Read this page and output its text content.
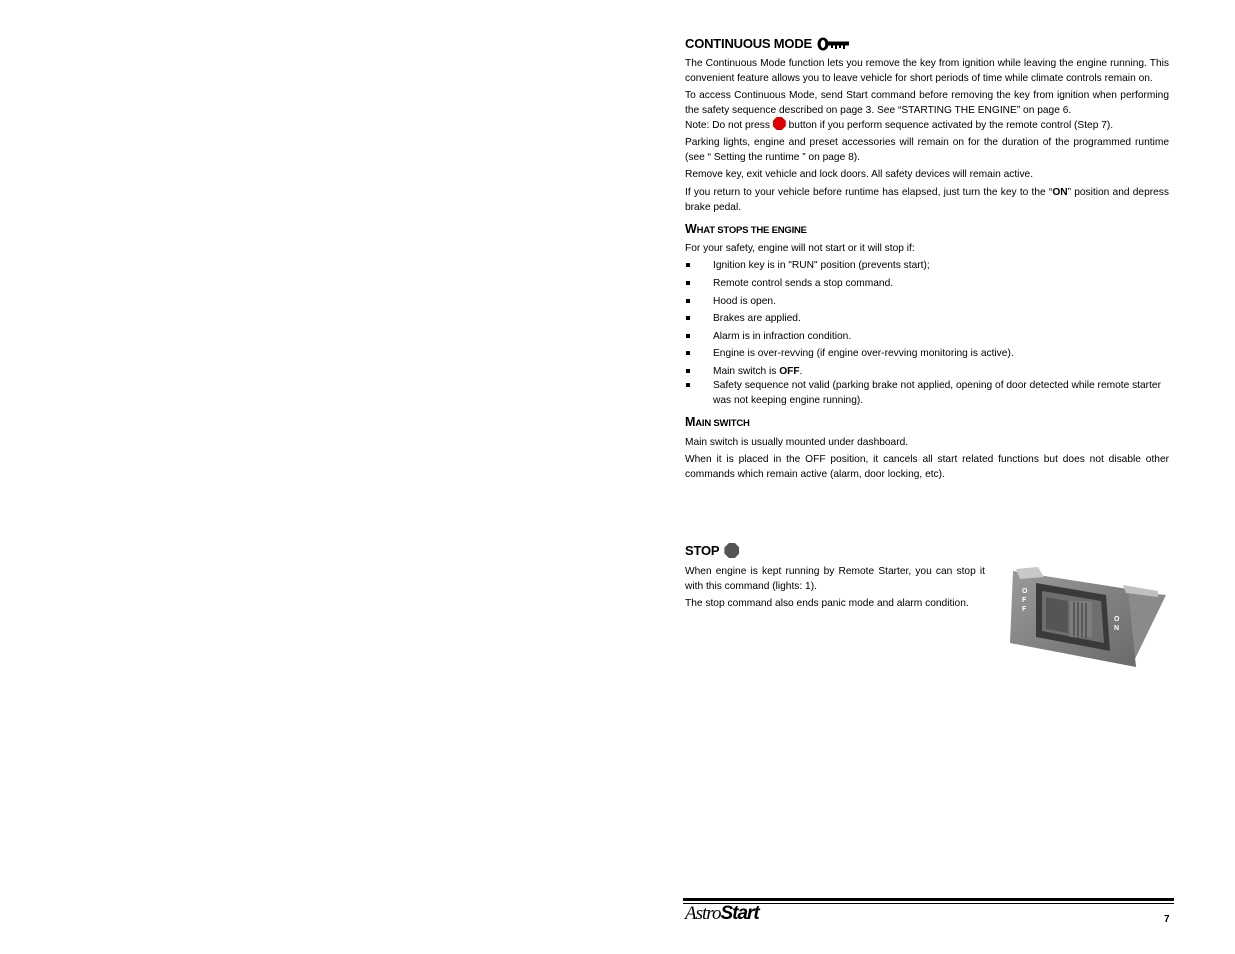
CONTINUOUS MODE

The Continuous Mode function lets you remove the key from ignition while leaving the engine running. This convenient feature allows you to leave vehicle for short periods of time while climate controls remain on.

To access Continuous Mode, send Start command before removing the key from ignition when performing the safety sequence described on page 3. See “STARTING THE ENGINE” on page 6.

Note: Do not press button if you perform sequence activated by the remote control (Step 7).

Parking lights, engine and preset accessories will remain on for the duration of the programmed runtime (see “ Setting the runtime ” on page 8).

Remove key, exit vehicle and lock doors. All safety devices will remain active.

If you return to your vehicle before runtime has elapsed, just turn the key to the “ON” position and depress brake pedal.

WHAT STOPS THE ENGINE

For your safety, engine will not start or it will stop if:

Ignition key is in "RUN" position (prevents start);
Remote control sends a stop command.
Hood is open.
Brakes are applied.
Alarm is in infraction condition.
Engine is over-revving (if engine over-revving monitoring is active).
Main switch is OFF.
Safety sequence not valid (parking brake not applied, opening of door detected while remote starter was not keeping engine running).
MAIN SWITCH

Main switch is usually mounted under dashboard.

When it is placed in the OFF position, it cancels all start related functions but does not disable other commands which remain active (alarm, door locking, etc).

STOP

When engine is kept running by Remote Starter, you can stop it with this command (lights: 1).

The stop command also ends panic mode and alarm condition.

O F F
O N
AstroStart	7
